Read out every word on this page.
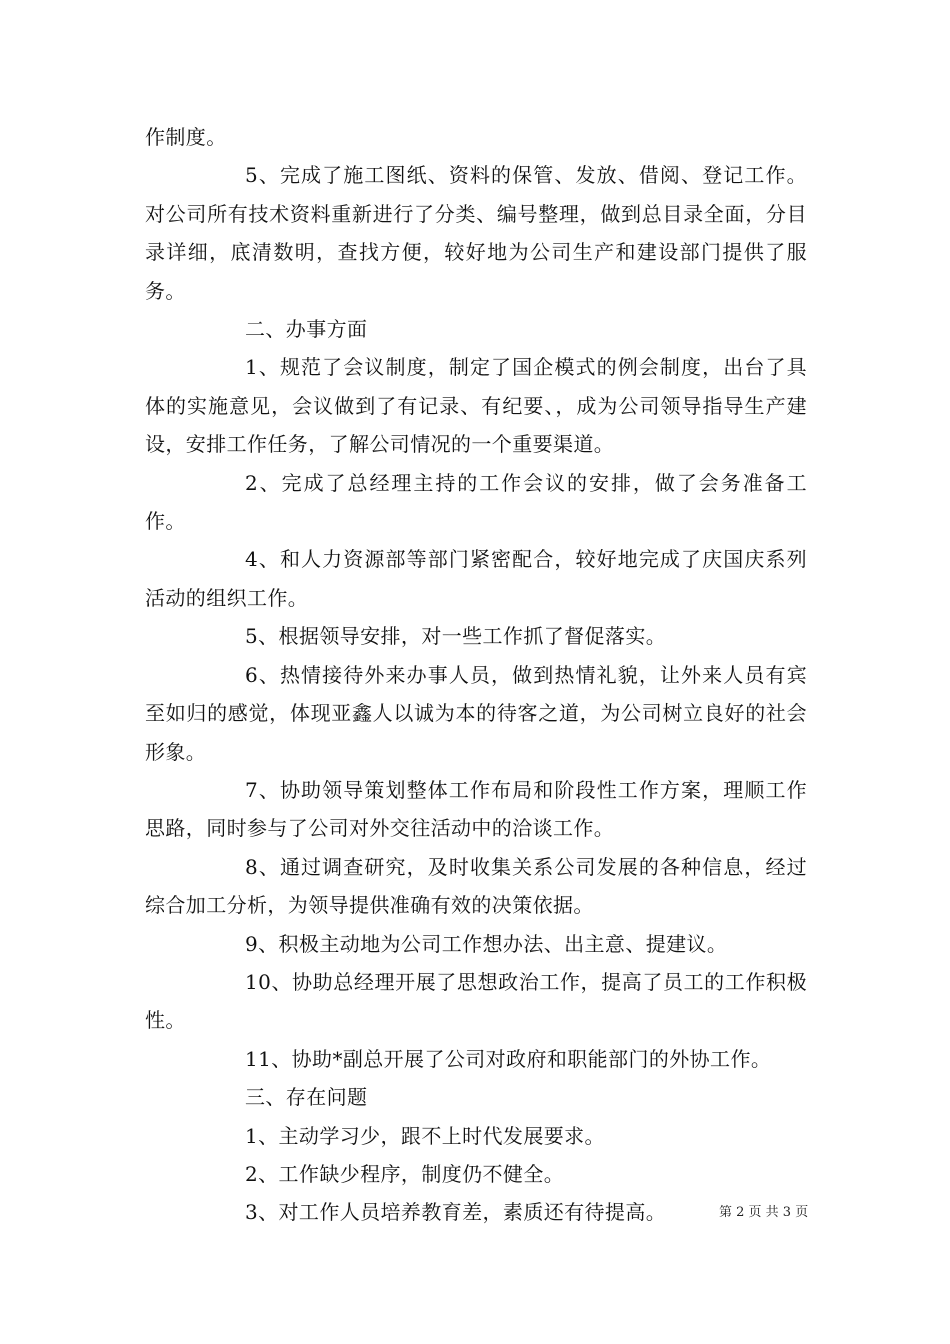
作制度。

5、完成了施工图纸、资料的保管、发放、借阅、登记工作。对公司所有技术资料重新进行了分类、编号整理，做到总目录全面，分目录详细，底清数明，查找方便，较好地为公司生产和建设部门提供了服务。

二、办事方面

1、规范了会议制度，制定了国企模式的例会制度，出台了具体的实施意见，会议做到了有记录、有纪要、，成为公司领导指导生产建设，安排工作任务，了解公司情况的一个重要渠道。

2、完成了总经理主持的工作会议的安排，做了会务准备工作。

4、和人力资源部等部门紧密配合，较好地完成了庆国庆系列活动的组织工作。

5、根据领导安排，对一些工作抓了督促落实。

6、热情接待外来办事人员，做到热情礼貌，让外来人员有宾至如归的感觉，体现亚鑫人以诚为本的待客之道，为公司树立良好的社会形象。

7、协助领导策划整体工作布局和阶段性工作方案，理顺工作思路，同时参与了公司对外交往活动中的洽谈工作。

8、通过调查研究，及时收集关系公司发展的各种信息，经过综合加工分析，为领导提供准确有效的决策依据。

9、积极主动地为公司工作想办法、出主意、提建议。

10、协助总经理开展了思想政治工作，提高了员工的工作积极性。

11、协助*副总开展了公司对政府和职能部门的外协工作。

三、存在问题

1、主动学习少，跟不上时代发展要求。

2、工作缺少程序，制度仍不健全。

3、对工作人员培养教育差，素质还有待提高。	第 2 页 共 3 页
